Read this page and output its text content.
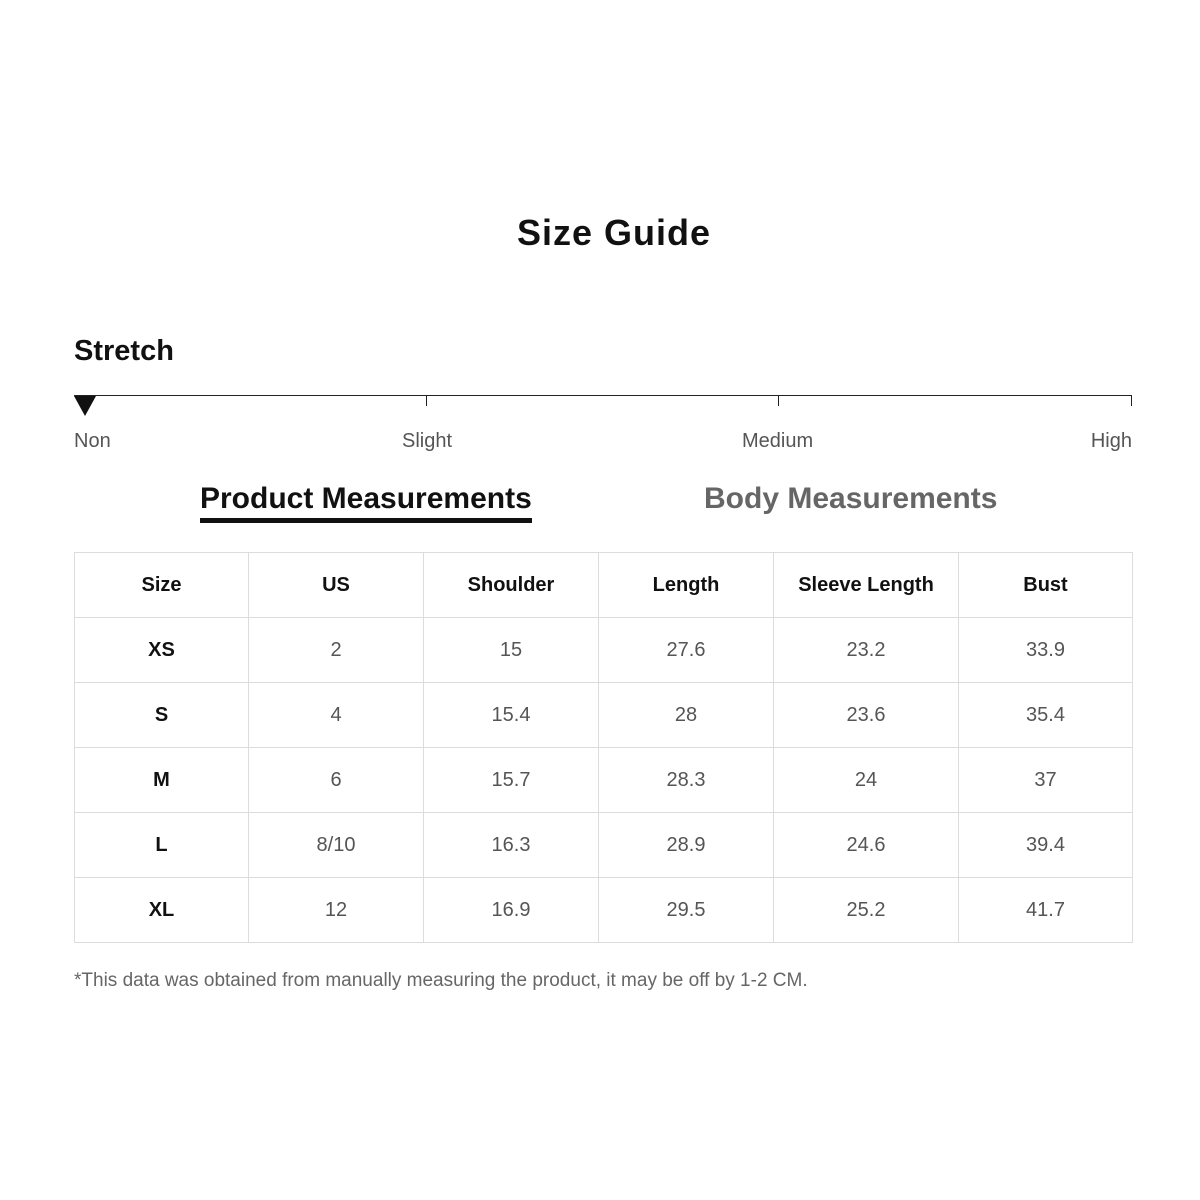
Size Guide
Stretch
Non	Slight	Medium	High
Product Measurements	Body Measurements
Size	US	Shoulder	Length	Sleeve Length	Bust
XS	2	15	27.6	23.2	33.9
S	4	15.4	28	23.6	35.4
M	6	15.7	28.3	24	37
L	8/10	16.3	28.9	24.6	39.4
XL	12	16.9	29.5	25.2	41.7

*This data was obtained from manually measuring the product, it may be off by 1-2 CM.
